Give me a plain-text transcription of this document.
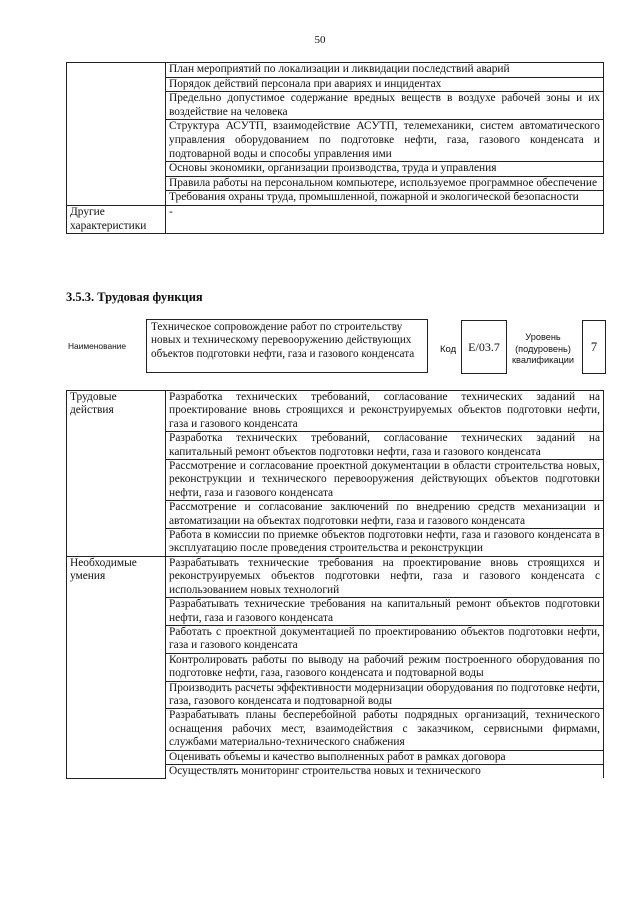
50
	План мероприятий по локализации и ликвидации последствий аварий
	Порядок действий персонала при авариях и инцидентах
	Предельно допустимое содержание вредных веществ в воздухе рабочей зоны и их воздействие на человека
	Структура АСУТП, взаимодействие АСУТП, телемеханики, систем автоматического управления оборудованием по подготовке нефти, газа, газового конденсата и подтоварной воды и способы управления ими
	Основы экономики, организации производства, труда и управления
	Правила работы на персональном компьютере, используемое программное обеспечение
	Требования охраны труда, промышленной, пожарной и экологической безопасности
Другие характеристики	-
3.5.3. Трудовая функция
Наименование
Техническое сопровождение работ по строительству новых и техническому перевооружению действующих объектов подготовки нефти, газа и газового конденсата	Код E/03.7
Уровень (подуровень) квалификации
7
Трудовые действия	Разработка технических требований, согласование технических заданий на проектирование вновь строящихся и реконструируемых объектов подготовки нефти, газа и газового конденсата
	Разработка технических требований, согласование технических заданий на капитальный ремонт объектов подготовки нефти, газа и газового конденсата
	Рассмотрение и согласование проектной документации в области строительства новых, реконструкции и технического перевооружения действующих объектов подготовки нефти, газа и газового конденсата
	Рассмотрение и согласование заключений по внедрению средств механизации и автоматизации на объектах подготовки нефти, газа и газового конденсата
	Работа в комиссии по приемке объектов подготовки нефти, газа и газового конденсата в эксплуатацию после проведения строительства и реконструкции
Необходимые умения	Разрабатывать технические требования на проектирование вновь строящихся и реконструируемых объектов подготовки нефти, газа и газового конденсата с использованием новых технологий
	Разрабатывать технические требования на капитальный ремонт объектов подготовки нефти, газа и газового конденсата
	Работать с проектной документацией по проектированию объектов подготовки нефти, газа и газового конденсата
	Контролировать работы по выводу на рабочий режим построенного оборудования по подготовке нефти, газа, газового конденсата и подтоварной воды
	Производить расчеты эффективности модернизации оборудования по подготовке нефти, газа, газового конденсата и подтоварной воды
	Разрабатывать планы бесперебойной работы подрядных организаций, технического оснащения рабочих мест, взаимодействия с заказчиком, сервисными фирмами, службами материально-технического снабжения
	Оценивать объемы и качество выполненных работ в рамках договора
	Осуществлять мониторинг строительства новых и технического
